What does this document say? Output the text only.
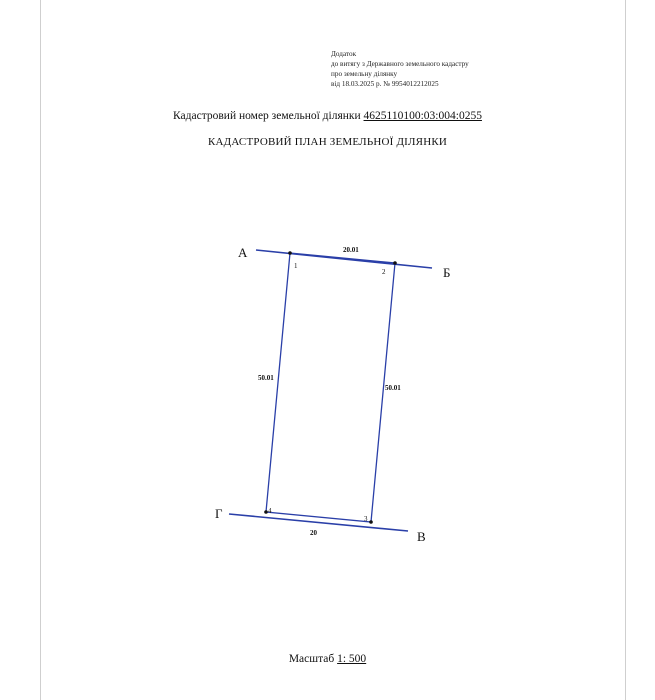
Додаток
до витягу з Державного земельного кадастру
про земельну ділянку
від 18.03.2025 р. № 9954012212025
Кадастровий номер земельної ділянки 4625110100:03:004:0255
КАДАСТРОВИЙ ПЛАН ЗЕМЕЛЬНОЇ ДІЛЯНКИ
А
Б
В
Г
1
2
3
4
20.01
50.01
20
50.01
Масштаб 1: 500
